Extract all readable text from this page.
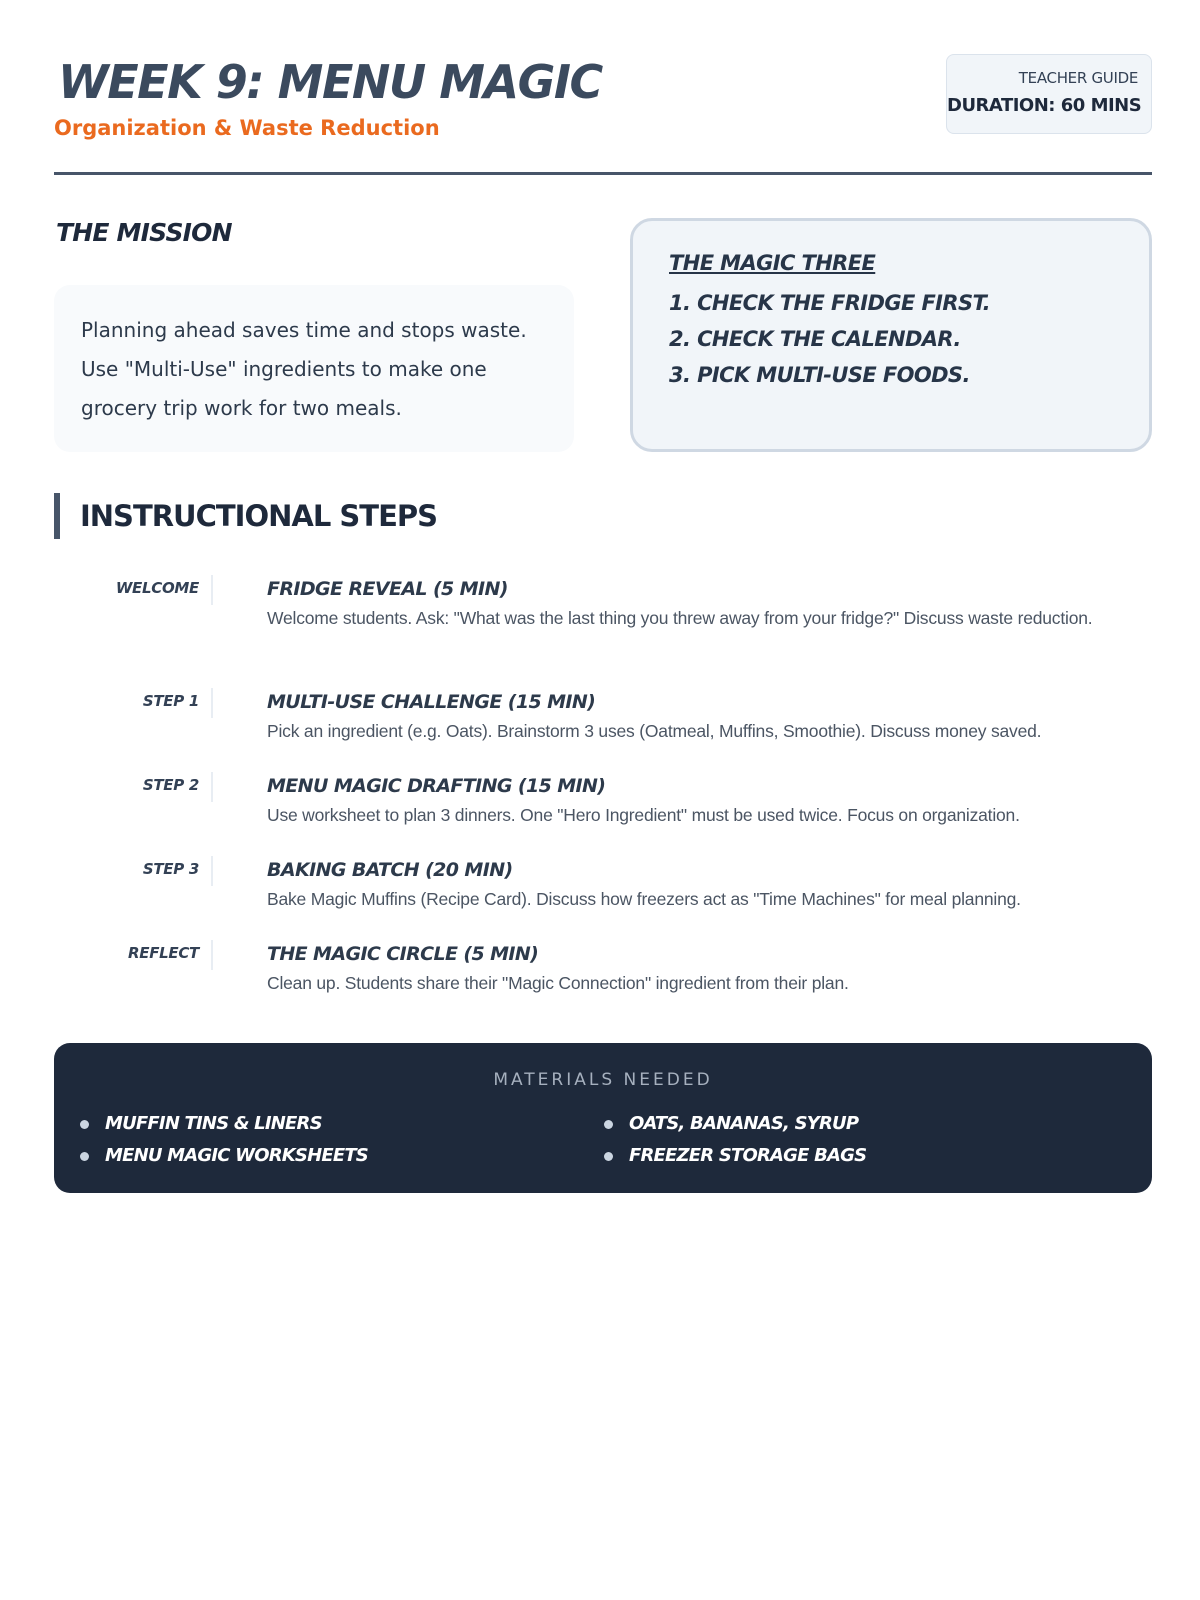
WEEK 9: MENU MAGIC
Organization & Waste Reduction
TEACHER GUIDE
DURATION: 60 MINS
THE MISSION
Planning ahead saves time and stops waste. Use "Multi-Use" ingredients to make one grocery trip work for two meals.
THE MAGIC THREE
1. CHECK THE FRIDGE FIRST.
2. CHECK THE CALENDAR.
3. PICK MULTI-USE FOODS.
INSTRUCTIONAL STEPS
WELCOME	FRIDGE REVEAL (5 MIN)
Welcome students. Ask: "What was the last thing you threw away from your fridge?" Discuss waste reduction.
STEP 1	MULTI-USE CHALLENGE (15 MIN)
Pick an ingredient (e.g. Oats). Brainstorm 3 uses (Oatmeal, Muffins, Smoothie). Discuss money saved.
STEP 2	MENU MAGIC DRAFTING (15 MIN)
Use worksheet to plan 3 dinners. One "Hero Ingredient" must be used twice. Focus on organization.
STEP 3	BAKING BATCH (20 MIN)
Bake Magic Muffins (Recipe Card). Discuss how freezers act as "Time Machines" for meal planning.
REFLECT	THE MAGIC CIRCLE (5 MIN)
Clean up. Students share their "Magic Connection" ingredient from their plan.
MATERIALS NEEDED
MUFFIN TINS & LINERS	OATS, BANANAS, SYRUP
MENU MAGIC WORKSHEETS	FREEZER STORAGE BAGS
